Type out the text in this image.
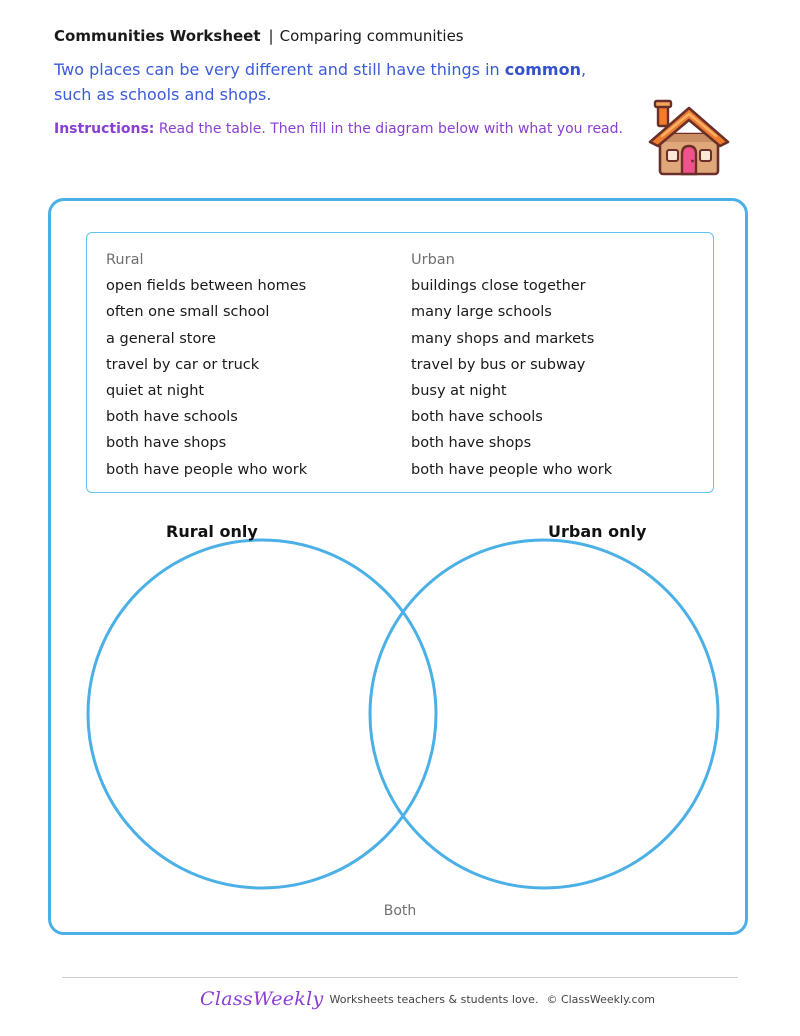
Communities Worksheet | Comparing communities
Two places can be very different and still have things in common, such as schools and shops.
Instructions: Read the table. Then fill in the diagram below with what you read.
Rural
open fields between homes
often one small school
a general store
travel by car or truck
quiet at night
both have schools
both have shops
both have people who work
Urban
buildings close together
many large schools
many shops and markets
travel by bus or subway
busy at night
both have schools
both have shops
both have people who work
Rural only	Urban only
Both
ClassWeekly Worksheets teachers & students love. © ClassWeekly.com
